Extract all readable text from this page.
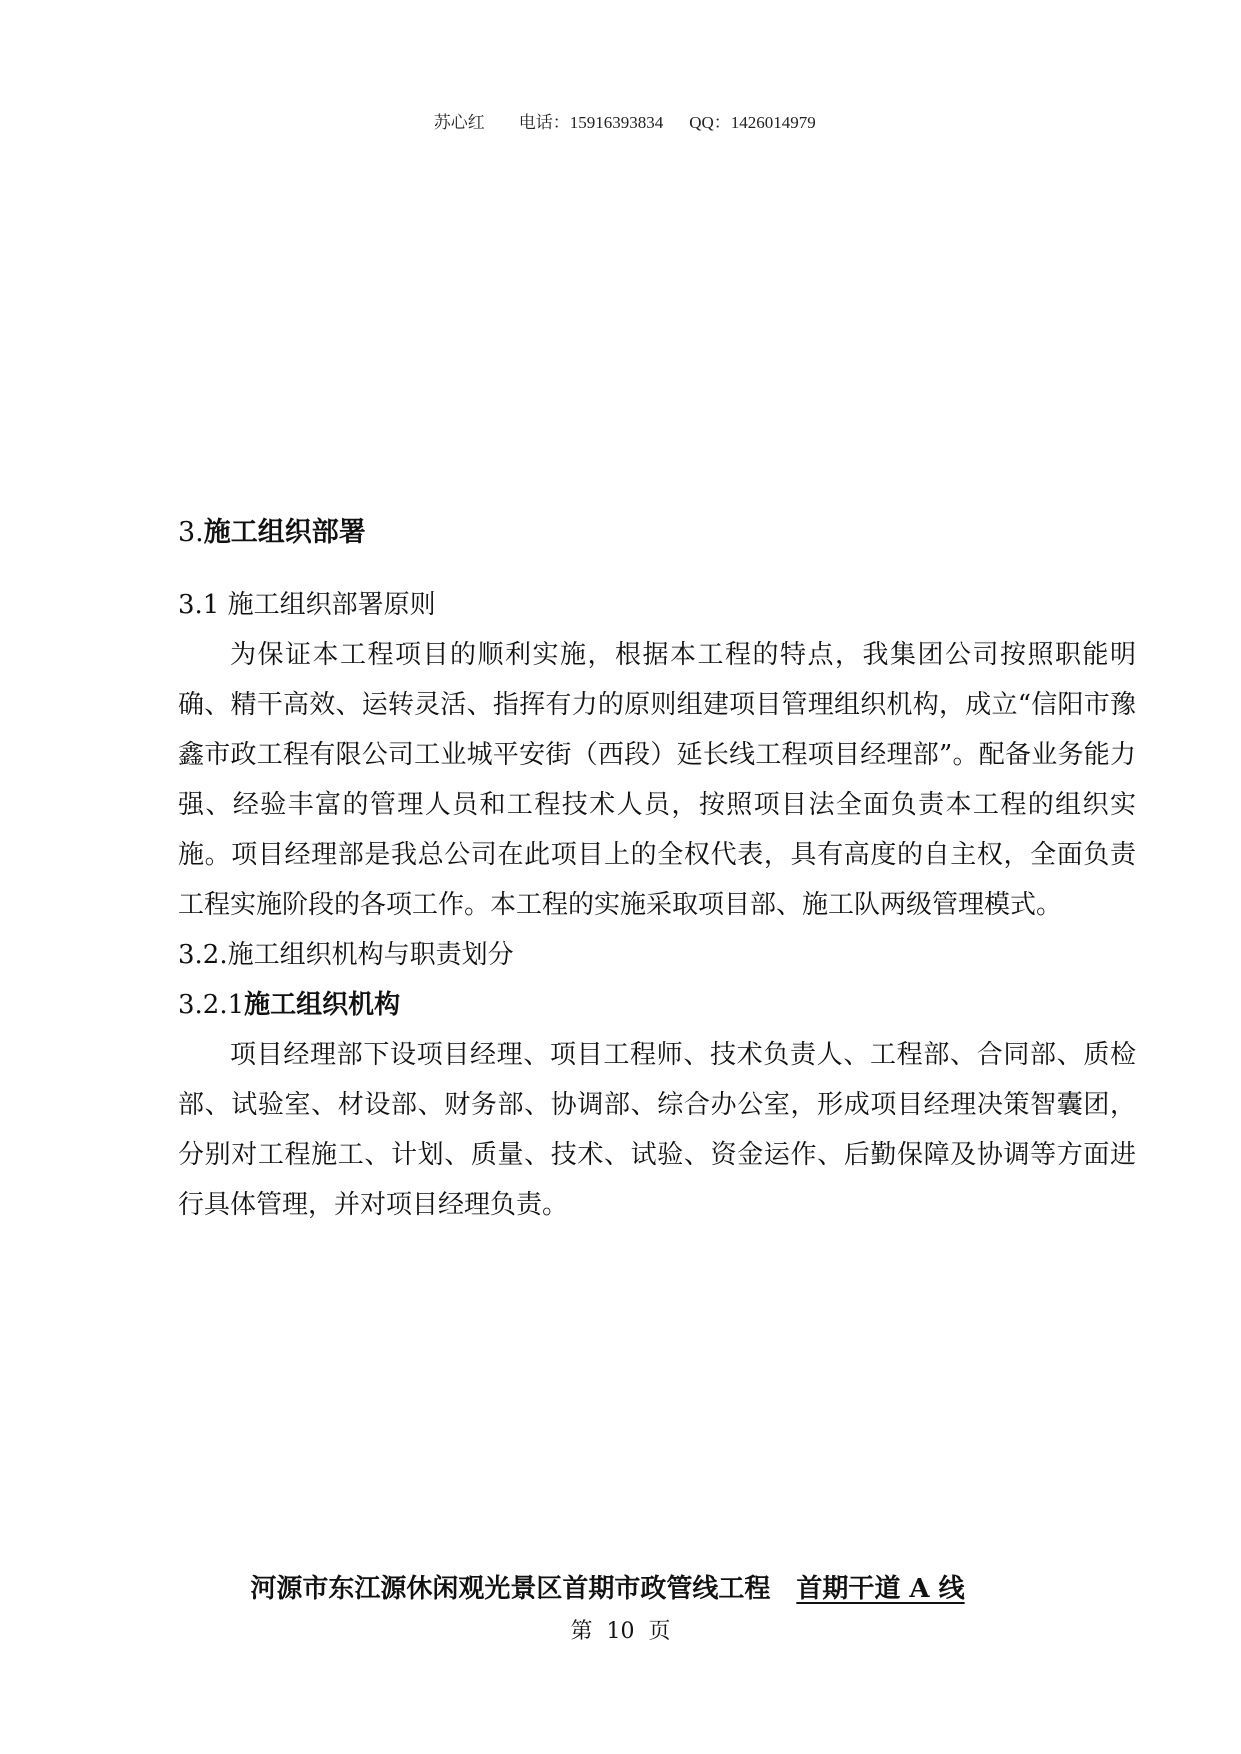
苏心红 电话：15916393834 QQ：1426014979

3.施工组织部署
3.1 施工组织部署原则

为保证本工程项目的顺利实施，根据本工程的特点，我集团公司按照职能明确、精干高效、运转灵活、指挥有力的原则组建项目管理组织机构，成立“信阳市豫鑫市政工程有限公司工业城平安街（西段）延长线工程项目经理部”。配备业务能力强、经验丰富的管理人员和工程技术人员，按照项目法全面负责本工程的组织实施。项目经理部是我总公司在此项目上的全权代表，具有高度的自主权，全面负责工程实施阶段的各项工作。本工程的实施采取项目部、施工队两级管理模式。

3.2.施工组织机构与职责划分
3.2.1施工组织机构

项目经理部下设项目经理、项目工程师、技术负责人、工程部、合同部、质检部、试验室、材设部、财务部、协调部、综合办公室，形成项目经理决策智囊团，分别对工程施工、计划、质量、技术、试验、资金运作、后勤保障及协调等方面进行具体管理，并对项目经理负责。

河源市东江源休闲观光景区首期市政管线工程 首期干道 A 线
第  10  页
